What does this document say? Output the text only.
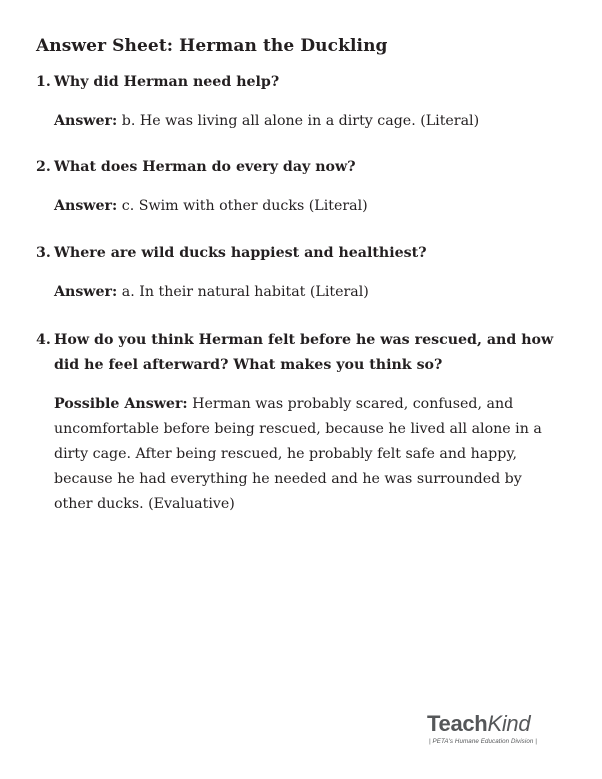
Answer Sheet: Herman the Duckling
1. Why did Herman need help?
Answer: b. He was living all alone in a dirty cage. (Literal)
2. What does Herman do every day now?
Answer: c. Swim with other ducks (Literal)
3. Where are wild ducks happiest and healthiest?
Answer: a. In their natural habitat (Literal)
4. How do you think Herman felt before he was rescued, and how did he feel afterward? What makes you think so?
Possible Answer: Herman was probably scared, confused, and uncomfortable before being rescued, because he lived all alone in a dirty cage. After being rescued, he probably felt safe and happy, because he had everything he needed and he was surrounded by other ducks. (Evaluative)
TeachKind
| PETA's Humane Education Division |
